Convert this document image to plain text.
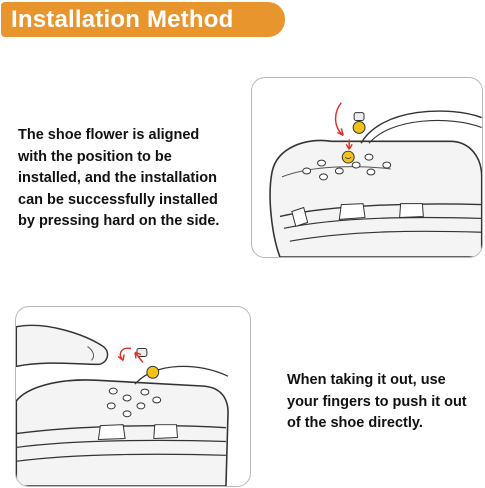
Installation Method
The shoe flower is aligned
with the position to be
installed, and the installation
can be successfully installed
by pressing hard on the side.
When taking it out, use
your fingers to push it out
of the shoe directly.
